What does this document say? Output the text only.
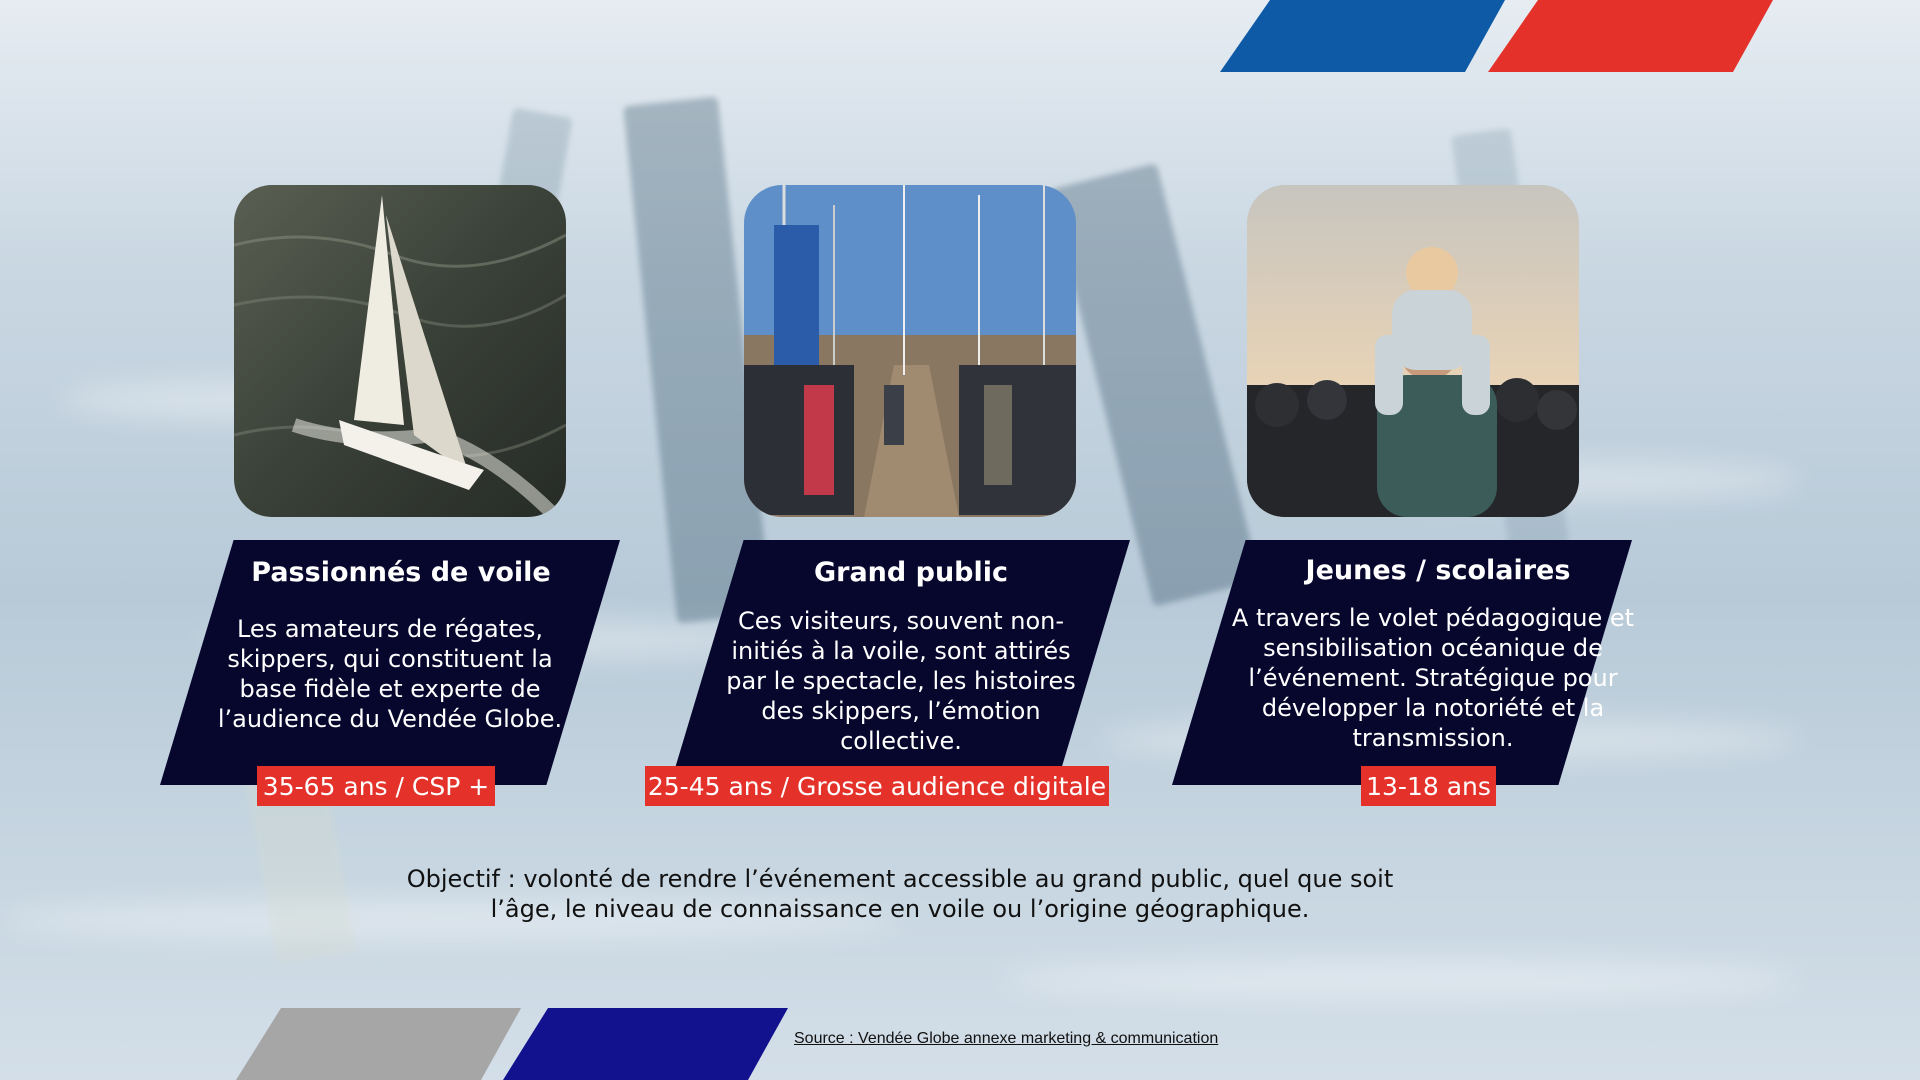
Passionnés de voile
Les amateurs de régates, skippers, qui constituent la base fidèle et experte de l’audience du Vendée Globe.
35-65 ans / CSP +
Grand public
Ces visiteurs, souvent non-initiés à la voile, sont attirés par le spectacle, les histoires des skippers, l’émotion collective.
25-45 ans / Grosse audience digitale
Jeunes / scolaires
A travers le volet pédagogique et sensibilisation océanique de l’événement. Stratégique pour développer la notoriété et la transmission.
13-18 ans
Objectif : volonté de rendre l’événement accessible au grand public, quel que soit l’âge, le niveau de connaissance en voile ou l’origine géographique.
Source : Vendée Globe annexe marketing & communication
